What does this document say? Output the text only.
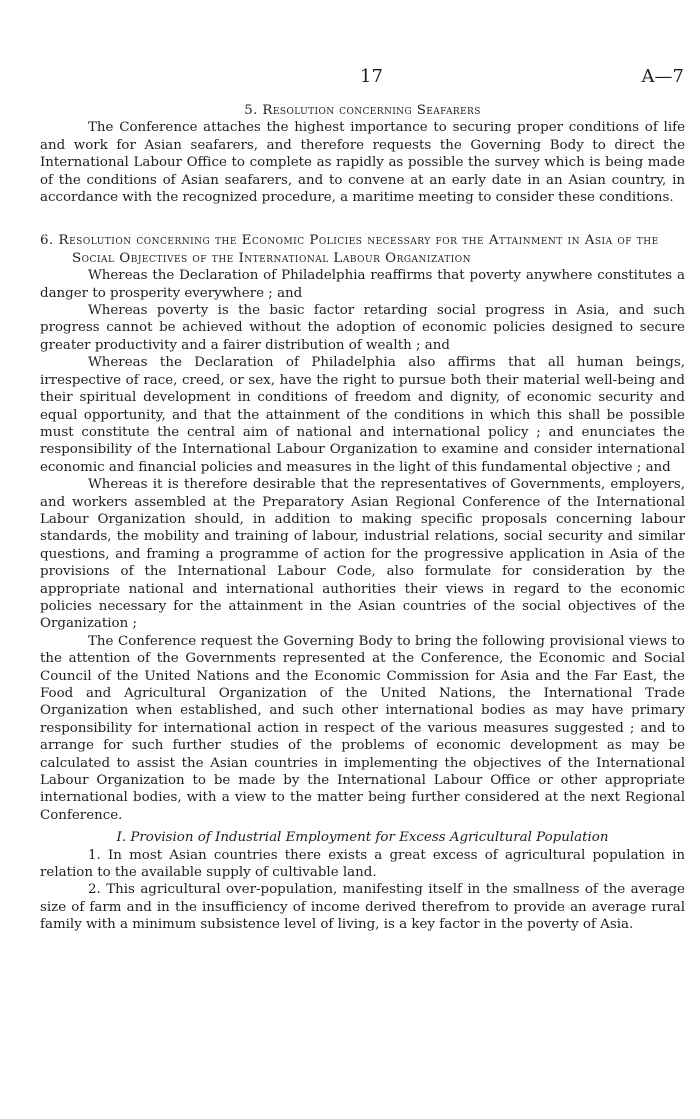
17	A—7

5. Resolution concerning Seafarers

The Conference attaches the highest importance to securing proper conditions of life and work for Asian seafarers, and therefore requests the Governing Body to direct the International Labour Office to complete as rapidly as possible the survey which is being made of the conditions of Asian seafarers, and to convene at an early date in an Asian country, in accordance with the recognized procedure, a maritime meeting to consider these conditions.

6. Resolution concerning the Economic Policies necessary for the Attainment in Asia of the Social Objectives of the International Labour Organization

Whereas the Declaration of Philadelphia reaffirms that poverty anywhere constitutes a danger to prosperity everywhere ; and

Whereas poverty is the basic factor retarding social progress in Asia, and such progress cannot be achieved without the adoption of economic policies designed to secure greater productivity and a fairer distribution of wealth ; and

Whereas the Declaration of Philadelphia also affirms that all human beings, irrespective of race, creed, or sex, have the right to pursue both their material well-being and their spiritual development in conditions of freedom and dignity, of economic security and equal opportunity, and that the attainment of the conditions in which this shall be possible must constitute the central aim of national and international policy ; and enunciates the responsibility of the International Labour Organization to examine and consider international economic and financial policies and measures in the light of this fundamental objective ; and

Whereas it is therefore desirable that the representatives of Governments, employers, and workers assembled at the Preparatory Asian Regional Conference of the International Labour Organization should, in addition to making specific proposals concerning labour standards, the mobility and training of labour, industrial relations, social security and similar questions, and framing a programme of action for the progressive application in Asia of the provisions of the International Labour Code, also formulate for consideration by the appropriate national and international authorities their views in regard to the economic policies necessary for the attainment in the Asian countries of the social objectives of the Organization ;

The Conference request the Governing Body to bring the following provisional views to the attention of the Governments represented at the Conference, the Economic and Social Council of the United Nations and the Economic Commission for Asia and the Far East, the Food and Agricultural Organization of the United Nations, the International Trade Organization when established, and such other international bodies as may have primary responsibility for international action in respect of the various measures suggested ; and to arrange for such further studies of the problems of economic development as may be calculated to assist the Asian countries in implementing the objectives of the International Labour Organization to be made by the International Labour Office or other appropriate international bodies, with a view to the matter being further considered at the next Regional Conference.

I. Provision of Industrial Employment for Excess Agricultural Population

1. In most Asian countries there exists a great excess of agricultural population in relation to the available supply of cultivable land.

2. This agricultural over-population, manifesting itself in the smallness of the average size of farm and in the insufficiency of income derived therefrom to provide an average rural family with a minimum subsistence level of living, is a key factor in the poverty of Asia.
